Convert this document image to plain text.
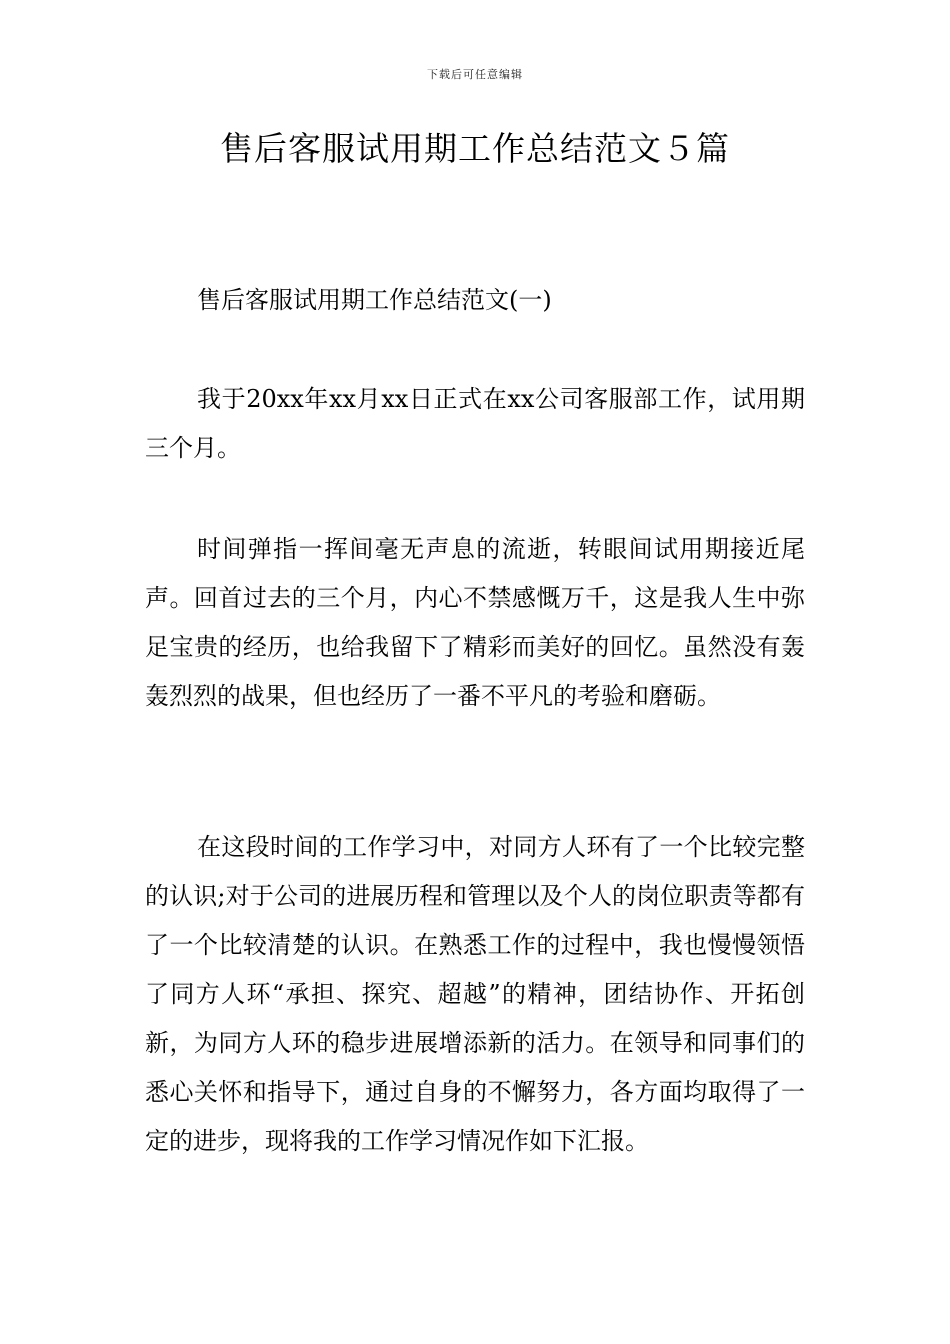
下载后可任意编辑
售后客服试用期工作总结范文５篇
售后客服试用期工作总结范文(一)

我于20xx年xx月xx日正式在xx公司客服部工作，试用期三个月。

时间弹指一挥间毫无声息的流逝，转眼间试用期接近尾声。回首过去的三个月，内心不禁感慨万千，这是我人生中弥足宝贵的经历，也给我留下了精彩而美好的回忆。虽然没有轰轰烈烈的战果，但也经历了一番不平凡的考验和磨砺。

在这段时间的工作学习中，对同方人环有了一个比较完整的认识;对于公司的进展历程和管理以及个人的岗位职责等都有了一个比较清楚的认识。在熟悉工作的过程中，我也慢慢领悟了同方人环“承担、探究、超越”的精神，团结协作、开拓创新，为同方人环的稳步进展增添新的活力。在领导和同事们的悉心关怀和指导下，通过自身的不懈努力，各方面均取得了一定的进步，现将我的工作学习情况作如下汇报。
